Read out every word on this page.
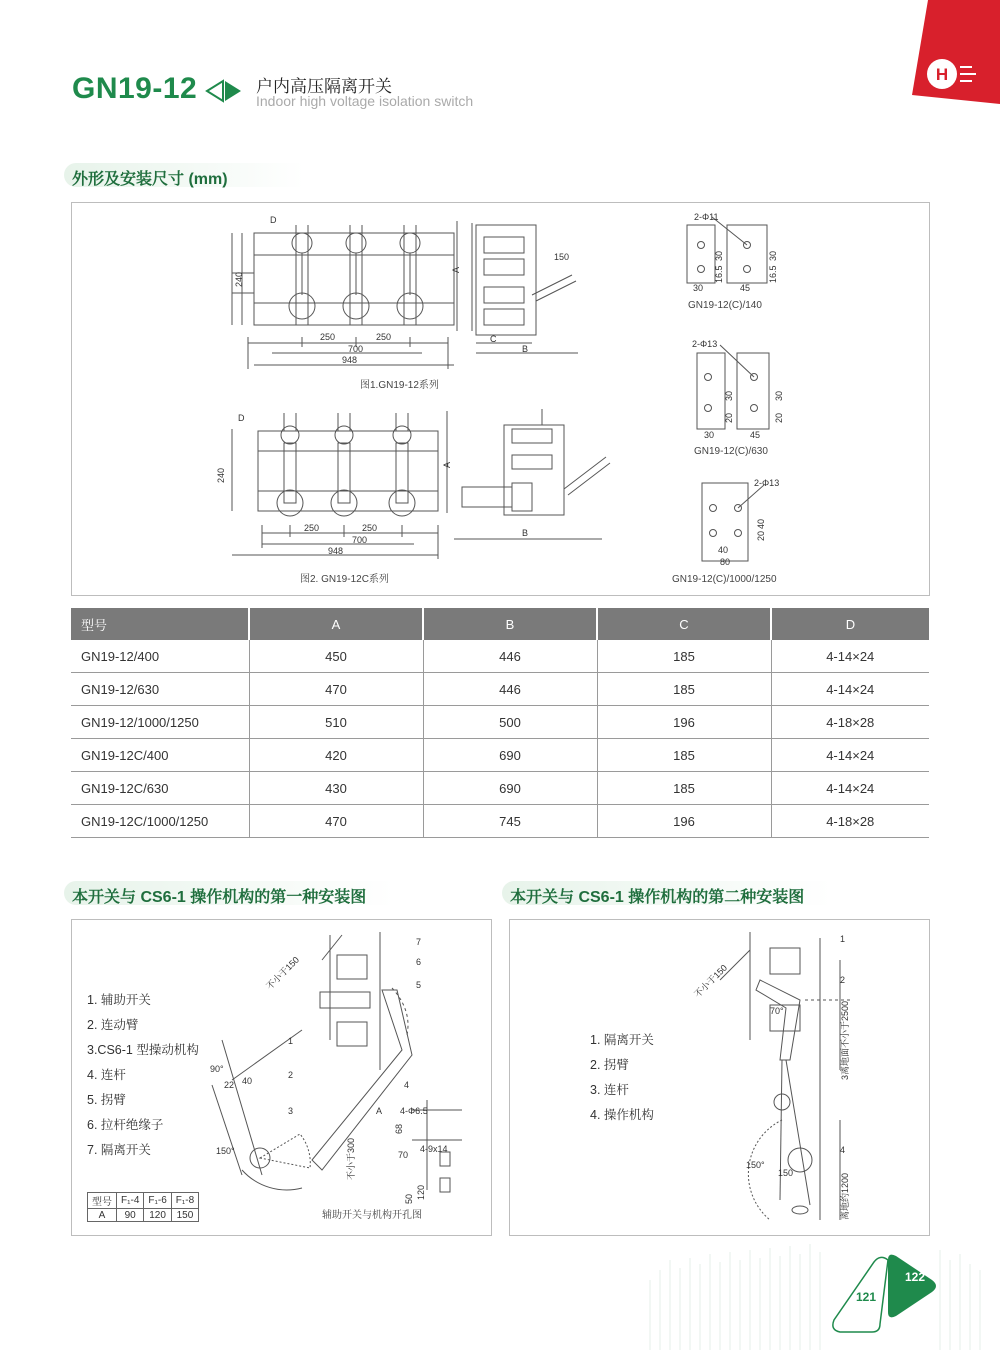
GN19-12	户内高压隔离开关
Indoor high voltage isolation switch
H
外形及安装尺寸 (mm)
D
240
250	250
700
948
A
150
C
B
D
240
250	250
700
948
A
B
2-Φ11
30	45
30
16.5
30
16.5
GN19-12(C)/140
2-Φ13
30
20
30
20
30	45
GN19-12(C)/630
2-Φ13
40
20
40
80
GN19-12(C)/1000/1250
图1.GN19-12系列
图2. GN19-12C系列
型号	A	B	C	D
GN19-12/400	450	446	185	4-14×24
GN19-12/630	470	446	185	4-14×24
GN19-12/1000/1250	510	500	196	4-18×28
GN19-12C/400	420	690	185	4-14×24
GN19-12C/630	430	690	185	4-14×24
GN19-12C/1000/1250	470	745	196	4-18×28
本开关与 CS6-1 操作机构的第一种安装图
1. 辅助开关
2. 连动臂
3.CS6-1 型操动机构
4. 连杆
5. 拐臂
6. 拉杆绝缘子
7. 隔离开关
型号	F₁-4	F₁-6	F₁-8
A	90	120	150
7
6
5
1
2
3
4
不小于150
90°
22 40
150°
A 4-Φ6.5
68
70
4-9x14
不小于300
120
50
辅助开关与机构开孔图
本开关与 CS6-1 操作机构的第二种安装图
1. 隔离开关
2. 拐臂
3. 连杆
4. 操作机构
1
2
4
不小于150
70°
150°
150
3离地面不小于2500
离地约1200
121
122
